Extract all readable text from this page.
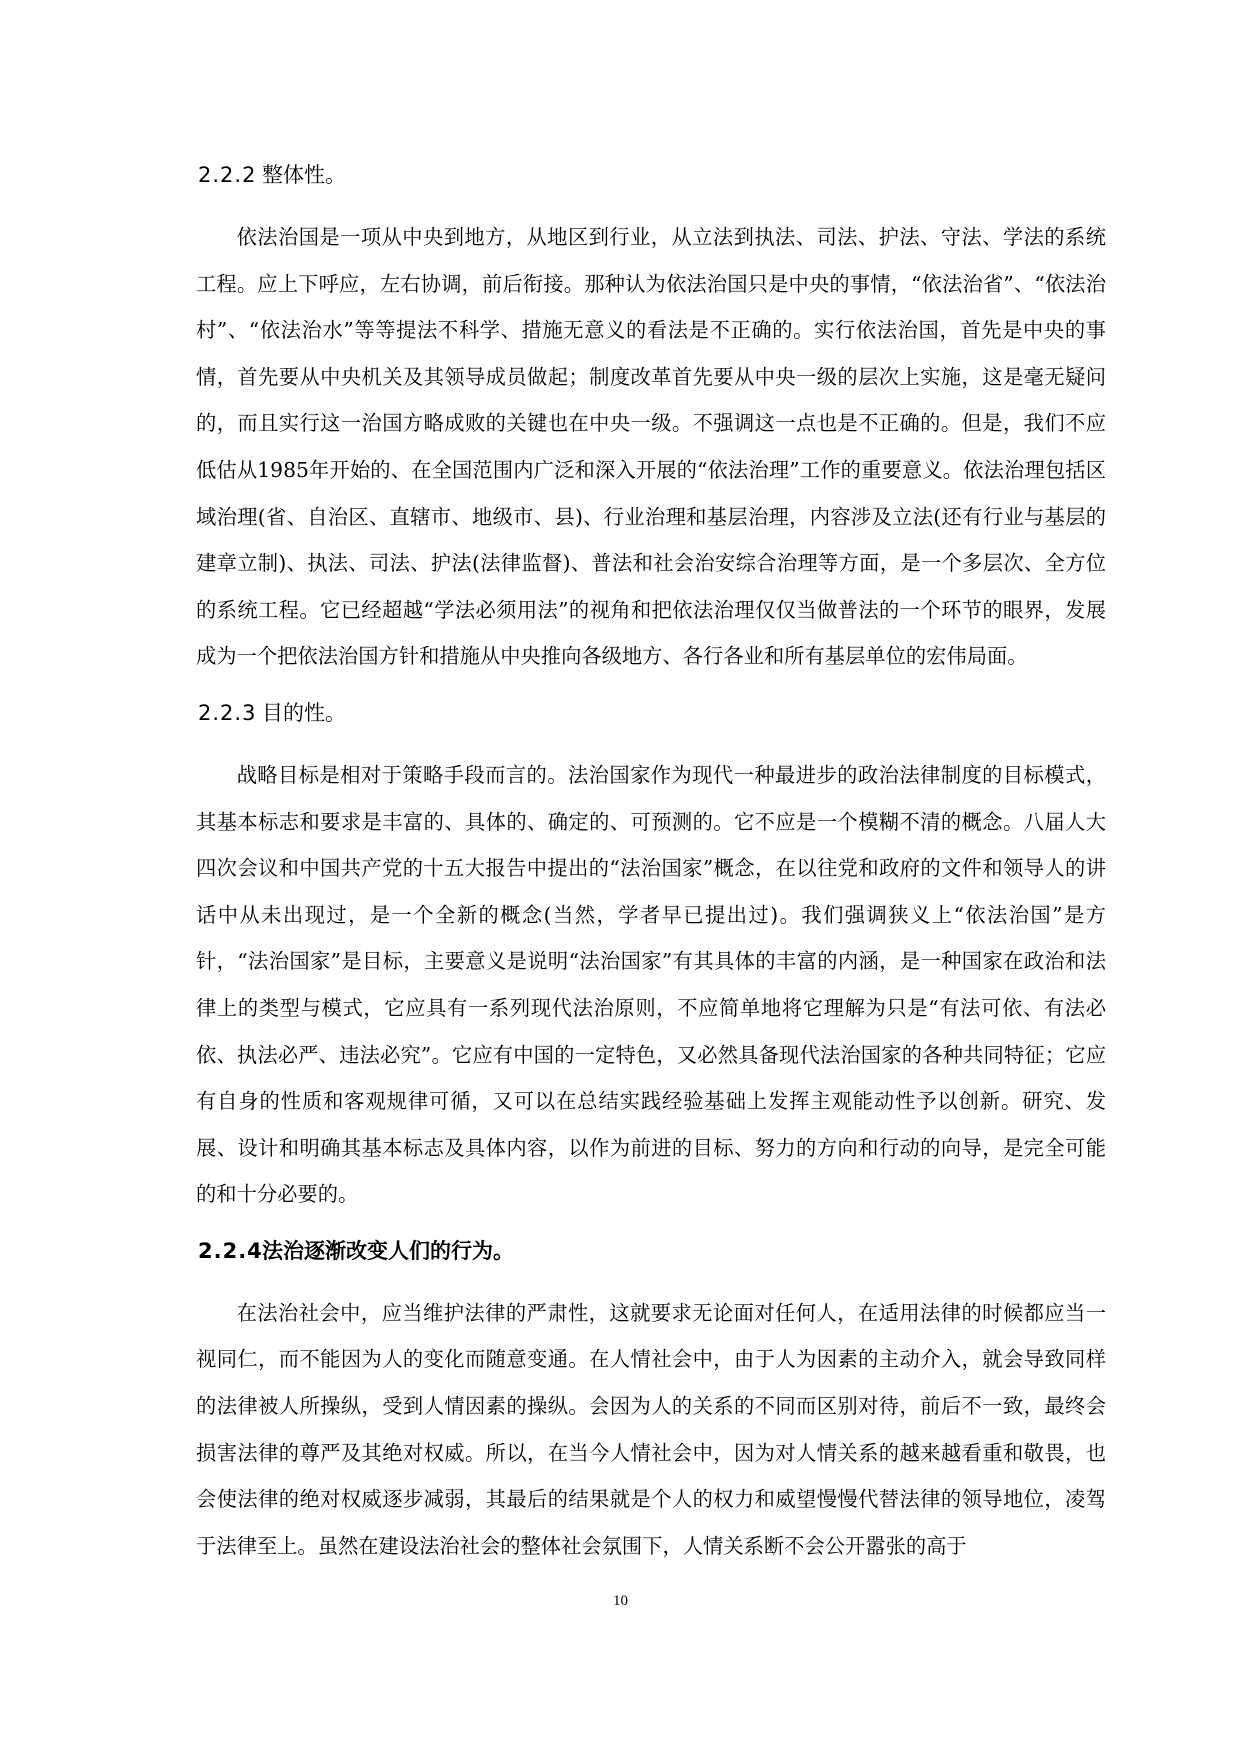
2.2.2 整体性。

依法治国是一项从中央到地方，从地区到行业，从立法到执法、司法、护法、守法、学法的系统工程。应上下呼应，左右协调，前后衔接。那种认为依法治国只是中央的事情，“依法治省”、“依法治村”、“依法治水”等等提法不科学、措施无意义的看法是不正确的。实行依法治国，首先是中央的事情，首先要从中央机关及其领导成员做起；制度改革首先要从中央一级的层次上实施，这是毫无疑问的，而且实行这一治国方略成败的关键也在中央一级。不强调这一点也是不正确的。但是，我们不应低估从1985年开始的、在全国范围内广泛和深入开展的“依法治理”工作的重要意义。依法治理包括区域治理(省、自治区、直辖市、地级市、县)、行业治理和基层治理，内容涉及立法(还有行业与基层的建章立制)、执法、司法、护法(法律监督)、普法和社会治安综合治理等方面，是一个多层次、全方位的系统工程。它已经超越“学法必须用法”的视角和把依法治理仅仅当做普法的一个环节的眼界，发展成为一个把依法治国方针和措施从中央推向各级地方、各行各业和所有基层单位的宏伟局面。

2.2.3 目的性。

战略目标是相对于策略手段而言的。法治国家作为现代一种最进步的政治法律制度的目标模式，其基本标志和要求是丰富的、具体的、确定的、可预测的。它不应是一个模糊不清的概念。八届人大四次会议和中国共产党的十五大报告中提出的“法治国家”概念，在以往党和政府的文件和领导人的讲话中从未出现过，是一个全新的概念(当然，学者早已提出过)。我们强调狭义上“依法治国”是方针，“法治国家”是目标，主要意义是说明“法治国家”有其具体的丰富的内涵，是一种国家在政治和法律上的类型与模式，它应具有一系列现代法治原则，不应简单地将它理解为只是“有法可依、有法必依、执法必严、违法必究”。它应有中国的一定特色，又必然具备现代法治国家的各种共同特征；它应有自身的性质和客观规律可循，又可以在总结实践经验基础上发挥主观能动性予以创新。研究、发展、设计和明确其基本标志及具体内容，以作为前进的目标、努力的方向和行动的向导，是完全可能的和十分必要的。

2.2.4法治逐渐改变人们的行为。

在法治社会中，应当维护法律的严肃性，这就要求无论面对任何人，在适用法律的时候都应当一视同仁，而不能因为人的变化而随意变通。在人情社会中，由于人为因素的主动介入，就会导致同样的法律被人所操纵，受到人情因素的操纵。会因为人的关系的不同而区别对待，前后不一致，最终会损害法律的尊严及其绝对权威。所以，在当今人情社会中，因为对人情关系的越来越看重和敬畏，也会使法律的绝对权威逐步减弱，其最后的结果就是个人的权力和威望慢慢代替法律的领导地位，凌驾于法律至上。虽然在建设法治社会的整体社会氛围下，人情关系断不会公开嚣张的高于

10
